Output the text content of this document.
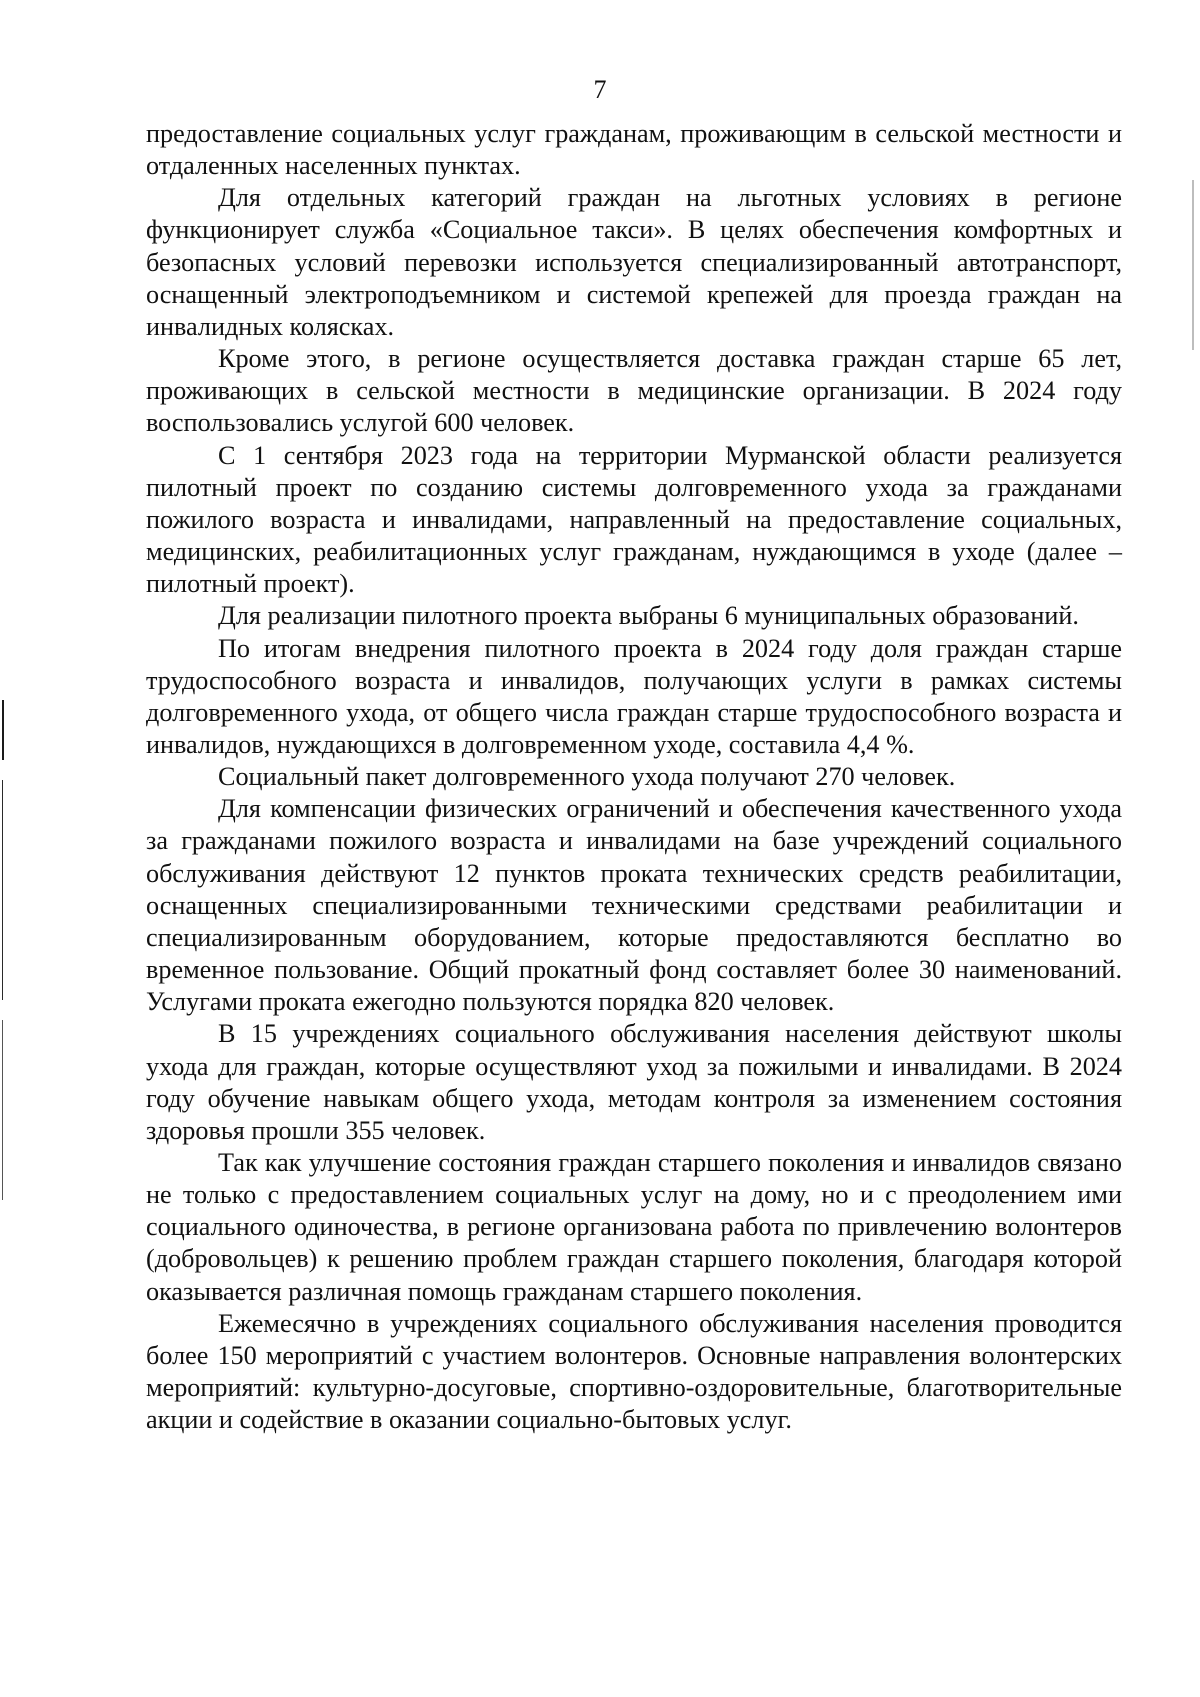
7

предоставление социальных услуг гражданам, проживающим в сельской местности и отдаленных населенных пунктах.

Для отдельных категорий граждан на льготных условиях в регионе функционирует служба «Социальное такси». В целях обеспечения комфортных и безопасных условий перевозки используется специализированный автотранспорт, оснащенный электроподъемником и системой крепежей для проезда граждан на инвалидных колясках.

Кроме этого, в регионе осуществляется доставка граждан старше 65 лет, проживающих в сельской местности в медицинские организации. В 2024 году воспользовались услугой 600 человек.

С 1 сентября 2023 года на территории Мурманской области реализуется пилотный проект по созданию системы долговременного ухода за гражданами пожилого возраста и инвалидами, направленный на предоставление социальных, медицинских, реабилитационных услуг гражданам, нуждающимся в уходе (далее – пилотный проект).

Для реализации пилотного проекта выбраны 6 муниципальных образований.

По итогам внедрения пилотного проекта в 2024 году доля граждан старше трудоспособного возраста и инвалидов, получающих услуги в рамках системы долговременного ухода, от общего числа граждан старше трудоспособного возраста и инвалидов, нуждающихся в долговременном уходе, составила 4,4 %.

Социальный пакет долговременного ухода получают 270 человек.

Для компенсации физических ограничений и обеспечения качественного ухода за гражданами пожилого возраста и инвалидами на базе учреждений социального обслуживания действуют 12 пунктов проката технических средств реабилитации, оснащенных специализированными техническими средствами реабилитации и специализированным оборудованием, которые предоставляются бесплатно во временное пользование. Общий прокатный фонд составляет более 30 наименований. Услугами проката ежегодно пользуются порядка 820 человек.

В 15 учреждениях социального обслуживания населения действуют школы ухода для граждан, которые осуществляют уход за пожилыми и инвалидами. В 2024 году обучение навыкам общего ухода, методам контроля за изменением состояния здоровья прошли 355 человек.

Так как улучшение состояния граждан старшего поколения и инвалидов связано не только с предоставлением социальных услуг на дому, но и с преодолением ими социального одиночества, в регионе организована работа по привлечению волонтеров (добровольцев) к решению проблем граждан старшего поколения, благодаря которой оказывается различная помощь гражданам старшего поколения.

Ежемесячно в учреждениях социального обслуживания населения проводится более 150 мероприятий с участием волонтеров. Основные направления волонтерских мероприятий: культурно-досуговые, спортивно-оздоровительные, благотворительные акции и содействие в оказании социально-бытовых услуг.
